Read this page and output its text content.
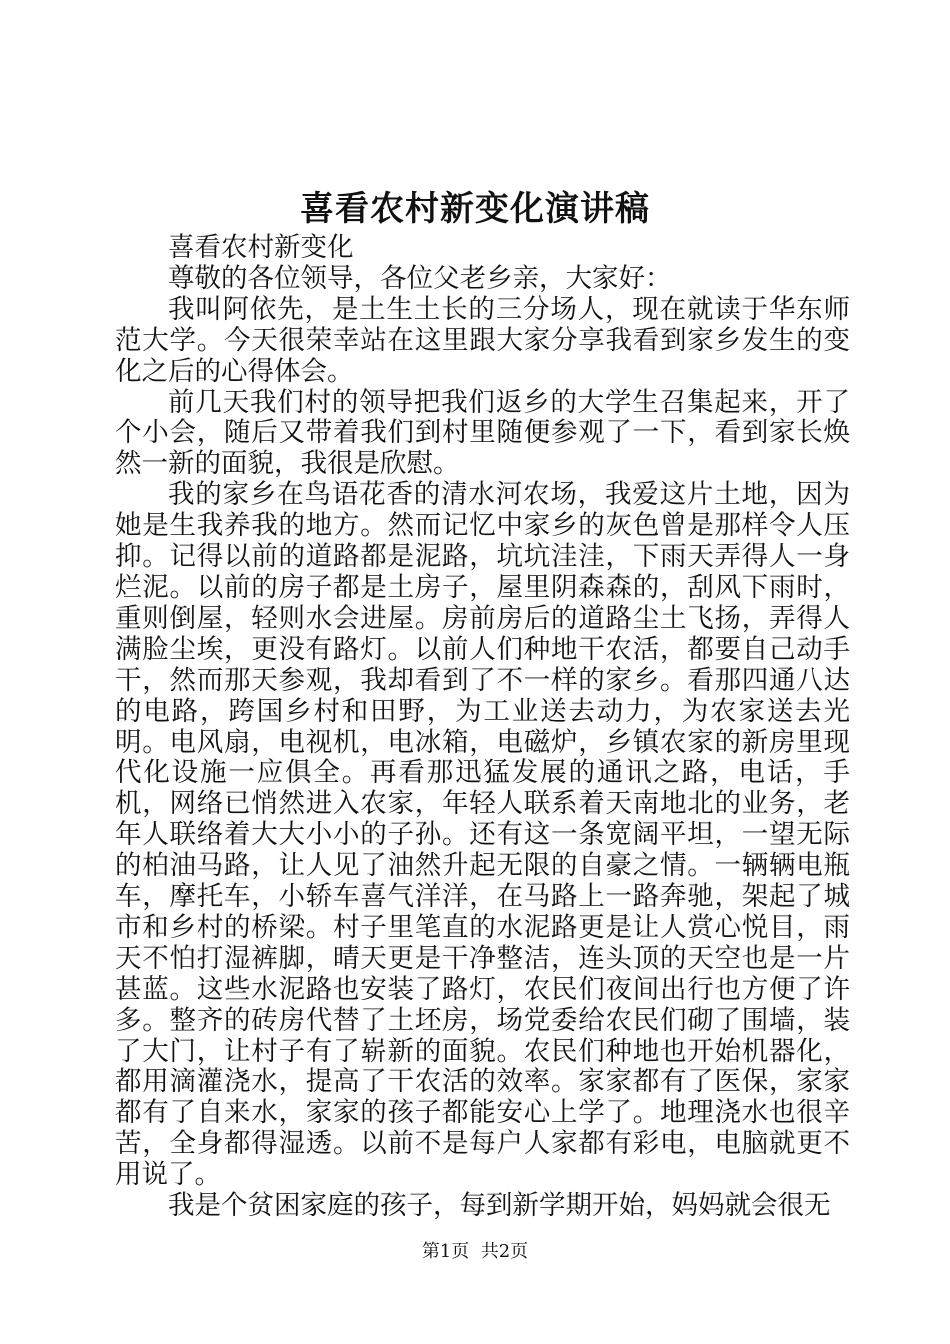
喜看农村新变化演讲稿

喜看农村新变化

尊敬的各位领导，各位父老乡亲，大家好：

我叫阿依先，是土生土长的三分场人，现在就读于华东师范大学。今天很荣幸站在这里跟大家分享我看到家乡发生的变化之后的心得体会。

前几天我们村的领导把我们返乡的大学生召集起来，开了个小会，随后又带着我们到村里随便参观了一下，看到家长焕然一新的面貌，我很是欣慰。

我的家乡在鸟语花香的清水河农场，我爱这片土地，因为她是生我养我的地方。然而记忆中家乡的灰色曾是那样令人压抑。记得以前的道路都是泥路，坑坑洼洼，下雨天弄得人一身烂泥。以前的房子都是土房子，屋里阴森森的，刮风下雨时，重则倒屋，轻则水会进屋。房前房后的道路尘土飞扬，弄得人满脸尘埃，更没有路灯。以前人们种地干农活，都要自己动手干，然而那天参观，我却看到了不一样的家乡。看那四通八达的电路，跨国乡村和田野，为工业送去动力，为农家送去光明。电风扇，电视机，电冰箱，电磁炉，乡镇农家的新房里现代化设施一应俱全。再看那迅猛发展的通讯之路，电话，手机，网络已悄然进入农家，年轻人联系着天南地北的业务，老年人联络着大大小小的子孙。还有这一条宽阔平坦，一望无际的柏油马路，让人见了油然升起无限的自豪之情。一辆辆电瓶车，摩托车，小轿车喜气洋洋，在马路上一路奔驰，架起了城市和乡村的桥梁。村子里笔直的水泥路更是让人赏心悦目，雨天不怕打湿裤脚，晴天更是干净整洁，连头顶的天空也是一片甚蓝。这些水泥路也安装了路灯，农民们夜间出行也方便了许多。整齐的砖房代替了土坯房，场党委给农民们砌了围墙，装了大门，让村子有了崭新的面貌。农民们种地也开始机器化，都用滴灌浇水，提高了干农活的效率。家家都有了医保，家家都有了自来水，家家的孩子都能安心上学了。地理浇水也很辛苦，全身都得湿透。以前不是每户人家都有彩电，电脑就更不用说了。

我是个贫困家庭的孩子，每到新学期开始，妈妈就会很无

第1页  共2页
